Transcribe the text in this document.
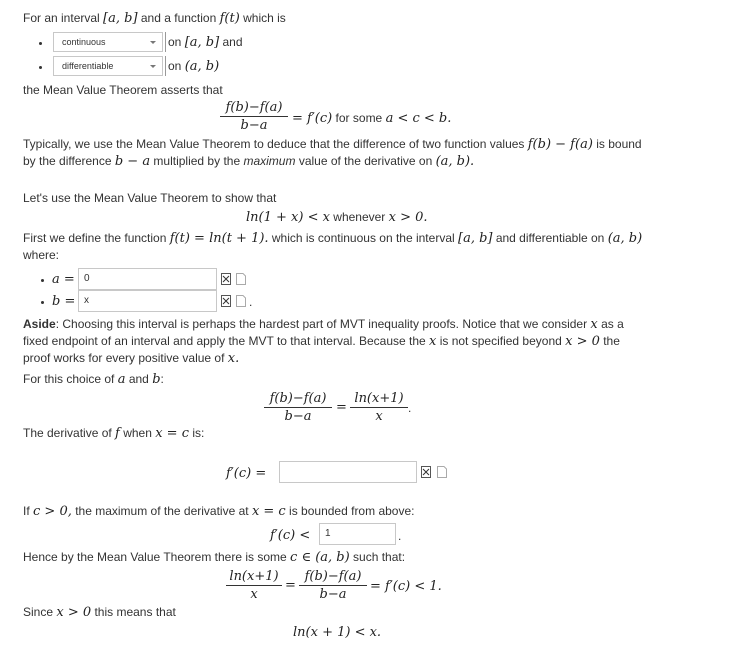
For an interval [a, b] and a function f(t) which is
continuous	on [a, b] and
differentiable	on (a, b)
the Mean Value Theorem asserts that
f(b)−f(a)
b−a	= f′(c) for some a < c < b.
Typically, we use the Mean Value Theorem to deduce that the difference of two function values f(b) − f(a) is bound
by the difference b − a multiplied by the maximum value of the derivative on (a, b).
Let's use the Mean Value Theorem to show that
ln(1 + x) < x whenever x > 0.
First we define the function f(t) = ln(t + 1). which is continuous on the interval [a, b] and differentiable on (a, b)
where:
a = 0
b = x	.
Aside: Choosing this interval is perhaps the hardest part of MVT inequality proofs. Notice that we consider x as a
fixed endpoint of an interval and apply the MVT to that interval. Because the x is not specified beyond x > 0 the
proof works for every positive value of x.
For this choice of a and b:
f(b)−f(a)
b−a
=
ln(x+1)
x
.
The derivative of f when x = c is:
f′(c) =
If c > 0, the maximum of the derivative at x = c is bounded from above:
f′(c) <	1	.
Hence by the Mean Value Theorem there is some c ∈ (a, b) such that:
ln(x+1)
x
=
f(b)−f(a)
b−a
= f′(c) < 1.
Since x > 0 this means that
ln(x + 1) < x.
